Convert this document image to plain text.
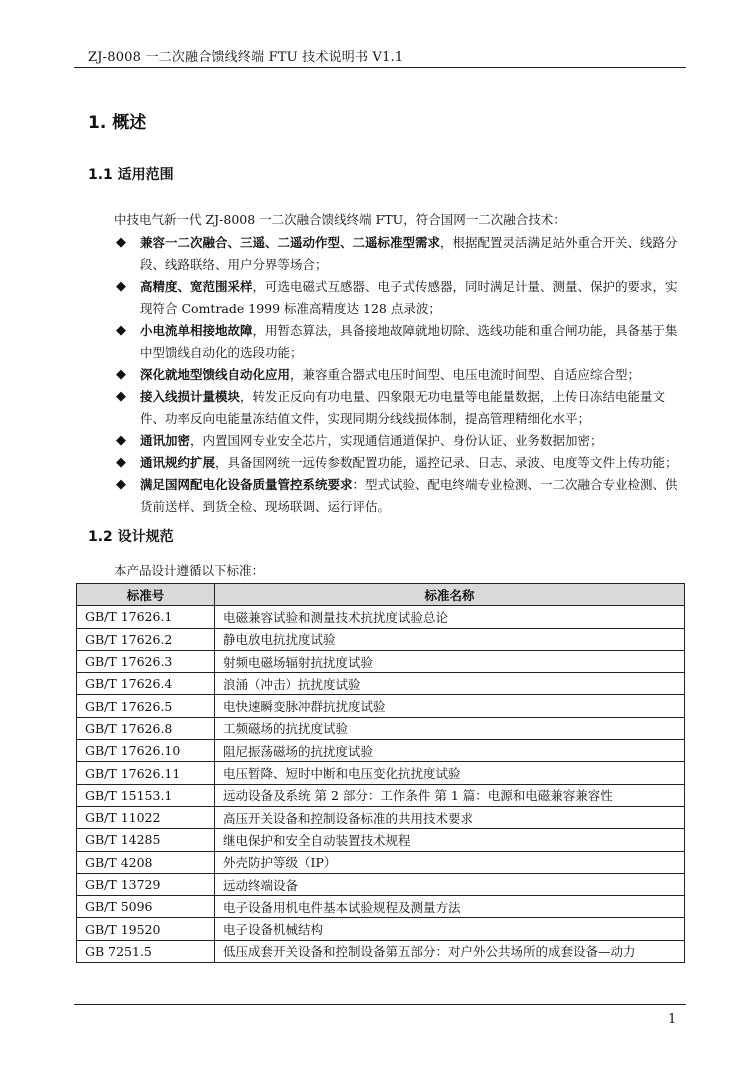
ZJ-8008 一二次融合馈线终端 FTU 技术说明书 V1.1
1. 概述
1.1 适用范围
中技电气新一代 ZJ-8008 一二次融合馈线终端 FTU，符合国网一二次融合技术：
◆ 兼容一二次融合、三遥、二遥动作型、二遥标准型需求，根据配置灵活满足站外重合开关、线路分段、线路联络、用户分界等场合；
◆ 高精度、宽范围采样，可选电磁式互感器、电子式传感器，同时满足计量、测量、保护的要求，实现符合 Comtrade 1999 标准高精度达 128 点录波；
◆ 小电流单相接地故障，用暂态算法，具备接地故障就地切除、选线功能和重合闸功能，具备基于集中型馈线自动化的选段功能；
◆ 深化就地型馈线自动化应用，兼容重合器式电压时间型、电压电流时间型、自适应综合型；
◆ 接入线损计量模块，转发正反向有功电量、四象限无功电量等电能量数据，上传日冻结电能量文件、功率反向电能量冻结值文件，实现同期分线线损体制，提高管理精细化水平；
◆ 通讯加密，内置国网专业安全芯片，实现通信通道保护、身份认证、业务数据加密；
◆ 通讯规约扩展，具备国网统一远传参数配置功能，遥控记录、日志、录波、电度等文件上传功能；
◆ 满足国网配电化设备质量管控系统要求：型式试验、配电终端专业检测、一二次融合专业检测、供货前送样、到货全检、现场联调、运行评估。
1.2 设计规范
本产品设计遵循以下标准：
标准号	标准名称
GB/T 17626.1	电磁兼容试验和测量技术抗扰度试验总论
GB/T 17626.2	静电放电抗扰度试验
GB/T 17626.3	射频电磁场辐射抗扰度试验
GB/T 17626.4	浪涌（冲击）抗扰度试验
GB/T 17626.5	电快速瞬变脉冲群抗扰度试验
GB/T 17626.8	工频磁场的抗扰度试验
GB/T 17626.10	阻尼振荡磁场的抗扰度试验
GB/T 17626.11	电压暂降、短时中断和电压变化抗扰度试验
GB/T 15153.1	远动设备及系统 第 2 部分：工作条件 第 1 篇：电源和电磁兼容兼容性
GB/T 11022	高压开关设备和控制设备标准的共用技术要求
GB/T 14285	继电保护和安全自动装置技术规程
GB/T 4208	外壳防护等级（IP）
GB/T 13729	远动终端设备
GB/T 5096	电子设备用机电件基本试验规程及测量方法
GB/T 19520	电子设备机械结构
GB 7251.5	低压成套开关设备和控制设备第五部分：对户外公共场所的成套设备—动力
1
